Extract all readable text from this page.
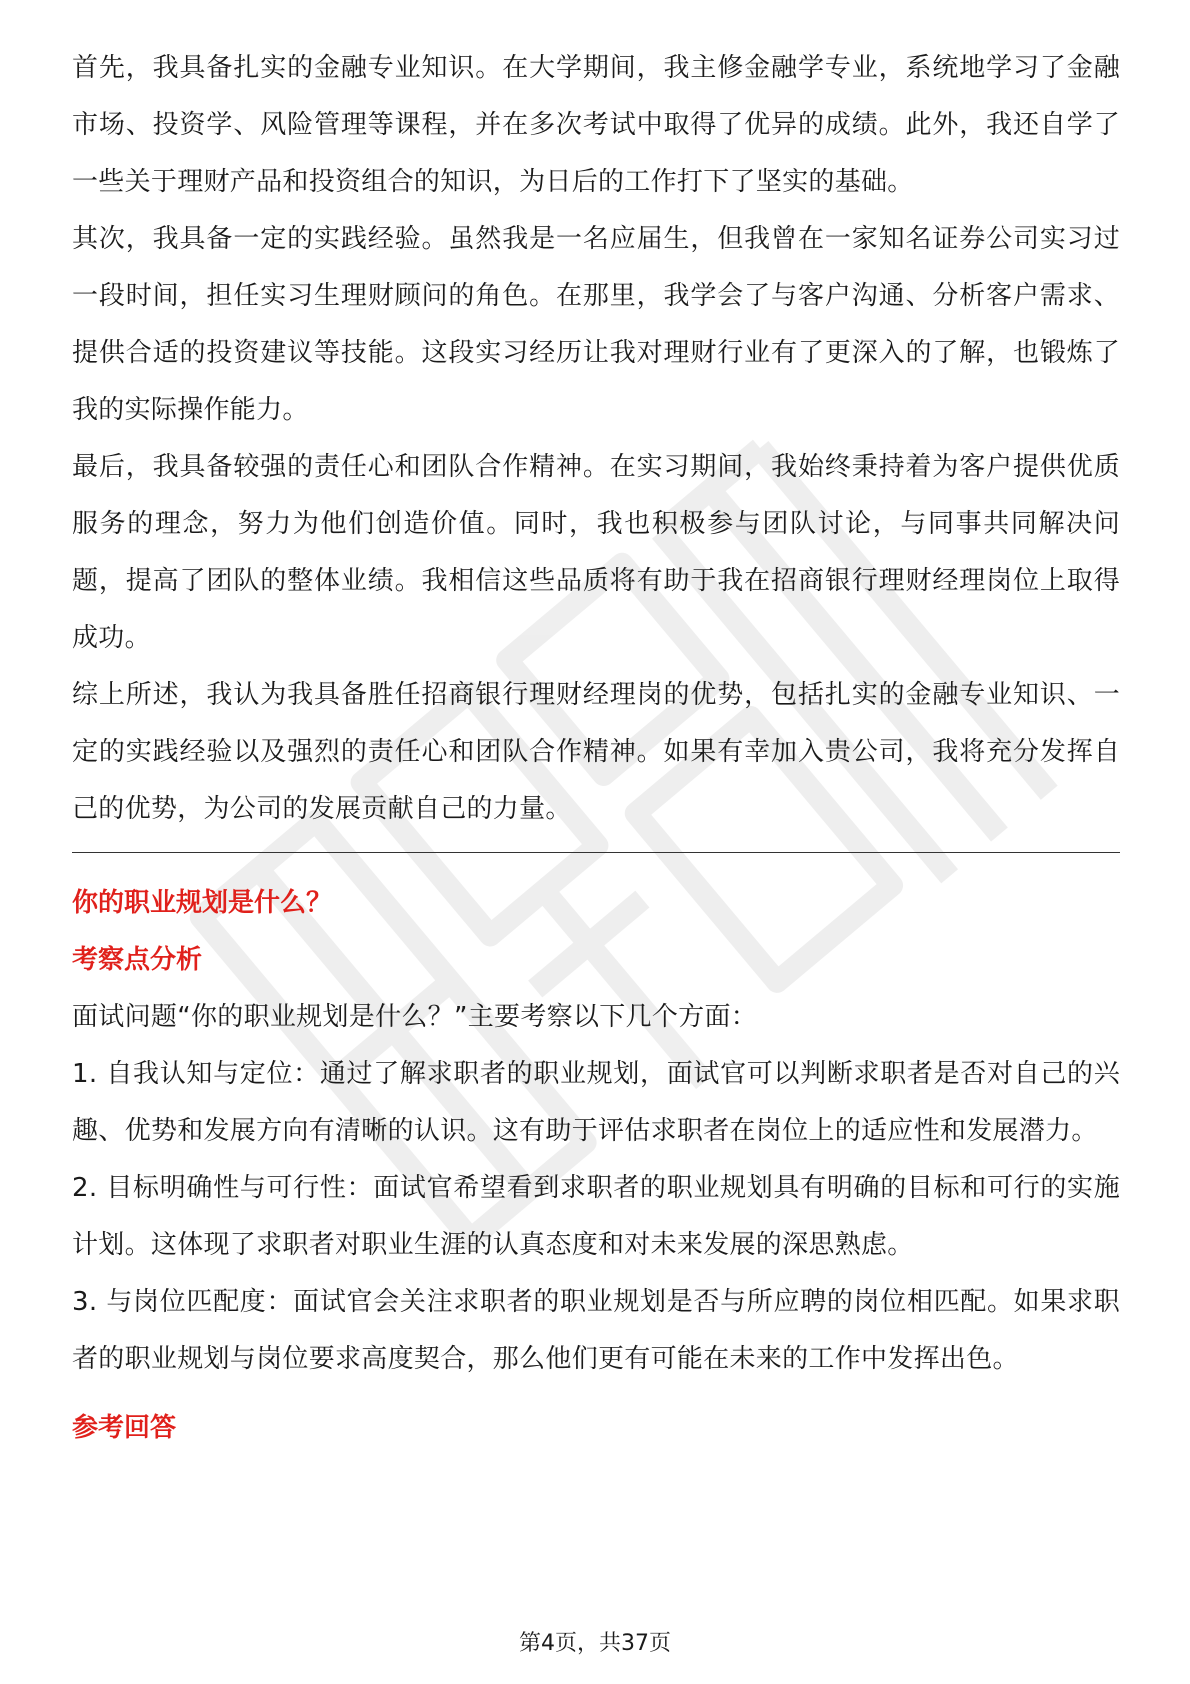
首先，我具备扎实的金融专业知识。在大学期间，我主修金融学专业，系统地学习了金融市场、投资学、风险管理等课程，并在多次考试中取得了优异的成绩。此外，我还自学了一些关于理财产品和投资组合的知识，为日后的工作打下了坚实的基础。

其次，我具备一定的实践经验。虽然我是一名应届生，但我曾在一家知名证券公司实习过一段时间，担任实习生理财顾问的角色。在那里，我学会了与客户沟通、分析客户需求、提供合适的投资建议等技能。这段实习经历让我对理财行业有了更深入的了解，也锻炼了我的实际操作能力。

最后，我具备较强的责任心和团队合作精神。在实习期间，我始终秉持着为客户提供优质服务的理念，努力为他们创造价值。同时，我也积极参与团队讨论，与同事共同解决问题，提高了团队的整体业绩。我相信这些品质将有助于我在招商银行理财经理岗位上取得成功。

综上所述，我认为我具备胜任招商银行理财经理岗的优势，包括扎实的金融专业知识、一定的实践经验以及强烈的责任心和团队合作精神。如果有幸加入贵公司，我将充分发挥自己的优势，为公司的发展贡献自己的力量。

你的职业规划是什么？

考察点分析

面试问题“你的职业规划是什么？”主要考察以下几个方面：

1. 自我认知与定位：通过了解求职者的职业规划，面试官可以判断求职者是否对自己的兴趣、优势和发展方向有清晰的认识。这有助于评估求职者在岗位上的适应性和发展潜力。

2. 目标明确性与可行性：面试官希望看到求职者的职业规划具有明确的目标和可行的实施计划。这体现了求职者对职业生涯的认真态度和对未来发展的深思熟虑。

3. 与岗位匹配度：面试官会关注求职者的职业规划是否与所应聘的岗位相匹配。如果求职者的职业规划与岗位要求高度契合，那么他们更有可能在未来的工作中发挥出色。

参考回答

第4页，共37页
